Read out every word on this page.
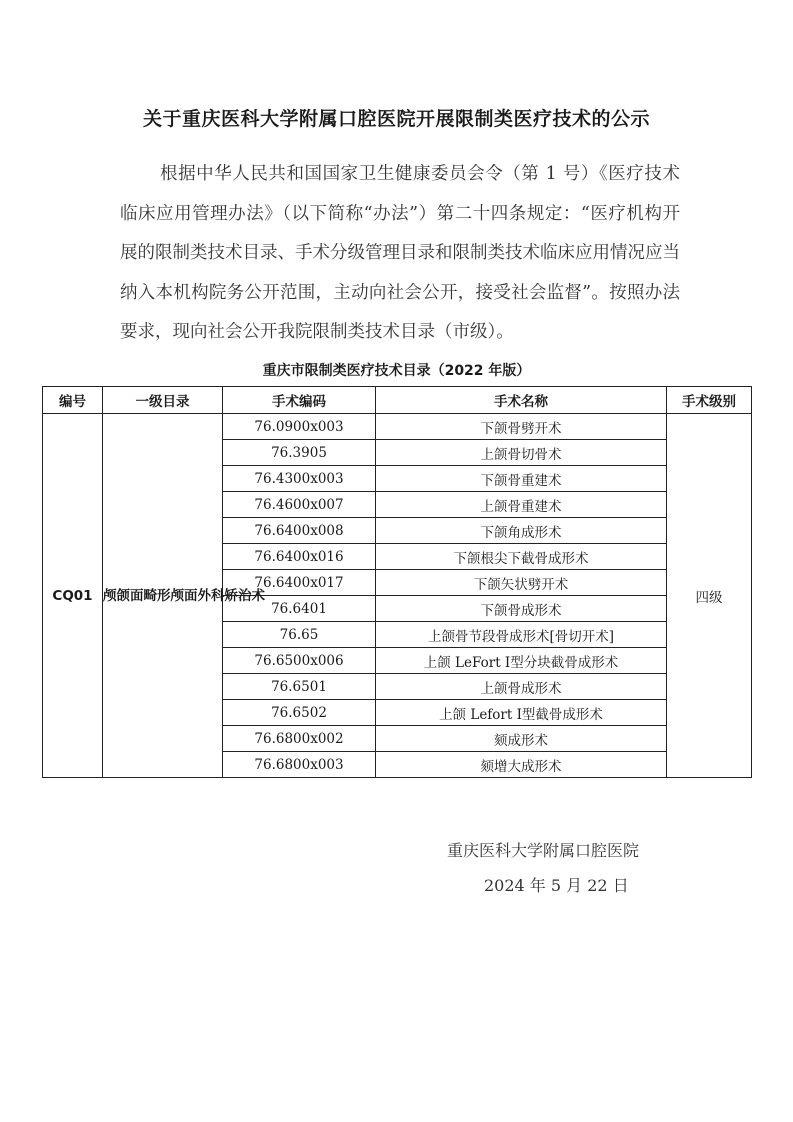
关于重庆医科大学附属口腔医院开展限制类医疗技术的公示
根据中华人民共和国国家卫生健康委员会令（第 1 号）《医疗技术临床应用管理办法》（以下简称“办法”）第二十四条规定：“医疗机构开展的限制类技术目录、手术分级管理目录和限制类技术临床应用情况应当纳入本机构院务公开范围，主动向社会公开，接受社会监督”。按照办法要求，现向社会公开我院限制类技术目录（市级）。
重庆市限制类医疗技术目录（2022 年版）
编号	一级目录	手术编码	手术名称	手术级别
CQ01	颅颌面畸形颅面外科矫治术	76.0900x003	下颌骨劈开术	四级
		76.3905	上颌骨切骨术	
		76.4300x003	下颌骨重建术	
		76.4600x007	上颌骨重建术	
		76.6400x008	下颌角成形术	
		76.6400x016	下颌根尖下截骨成形术	
		76.6400x017	下颌矢状劈开术	
		76.6401	下颌骨成形术	
		76.65	上颌骨节段骨成形术[骨切开术]	
		76.6500x006	上颌 LeFort Ⅰ型分块截骨成形术	
		76.6501	上颌骨成形术	
		76.6502	上颌 Lefort Ⅰ型截骨成形术	
		76.6800x002	颏成形术	
		76.6800x003	颏增大成形术	
重庆医科大学附属口腔医院
2024 年 5 月 22 日
